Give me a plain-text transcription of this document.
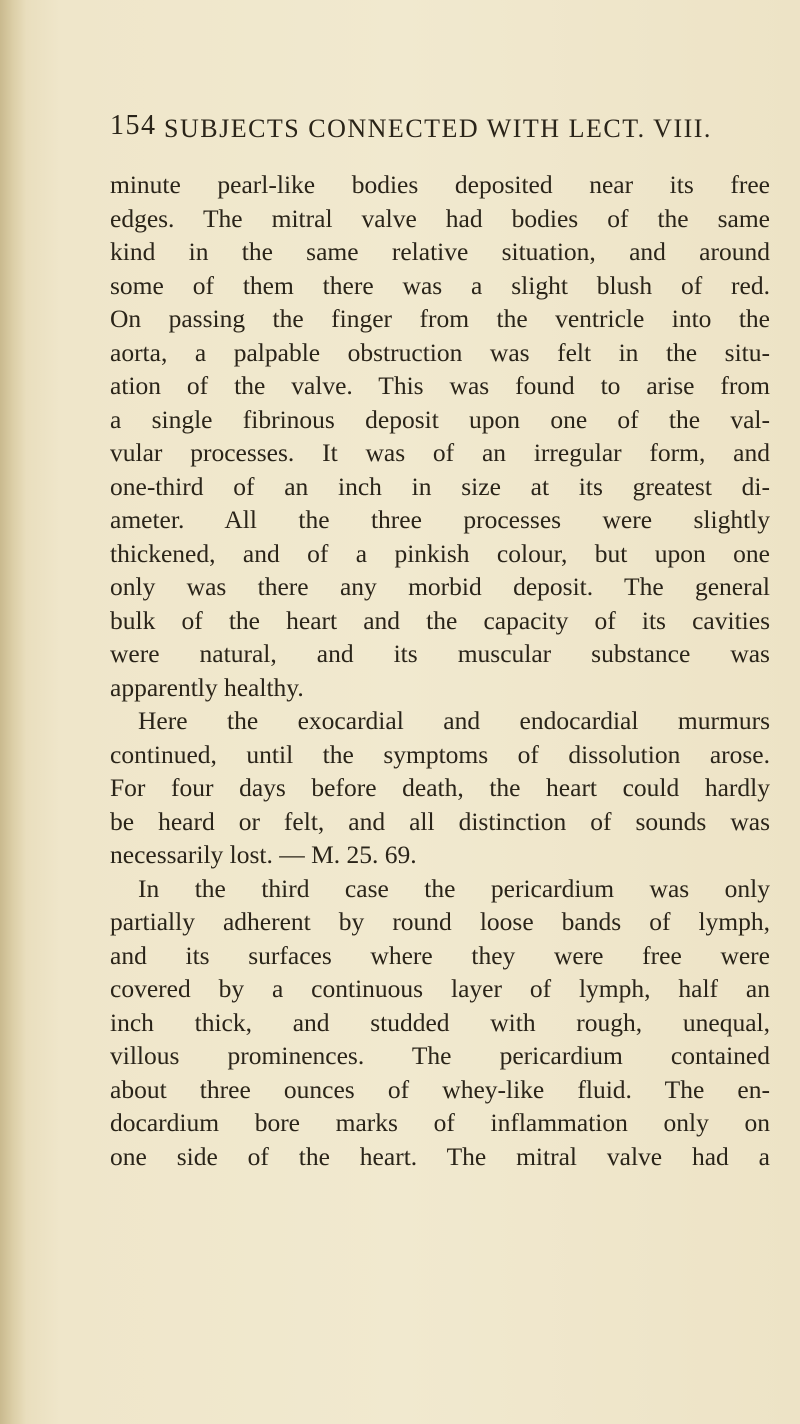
154 SUBJECTS CONNECTED WITH LECT. VIII.
minute pearl-like bodies deposited near its free
edges. The mitral valve had bodies of the same
kind in the same relative situation, and around
some of them there was a slight blush of red.
On passing the finger from the ventricle into the
aorta, a palpable obstruction was felt in the situ-
ation of the valve. This was found to arise from
a single fibrinous deposit upon one of the val-
vular processes. It was of an irregular form, and
one-third of an inch in size at its greatest di-
ameter. All the three processes were slightly
thickened, and of a pinkish colour, but upon one
only was there any morbid deposit. The general
bulk of the heart and the capacity of its cavities
were natural, and its muscular substance was
apparently healthy.
Here the exocardial and endocardial murmurs
continued, until the symptoms of dissolution arose.
For four days before death, the heart could hardly
be heard or felt, and all distinction of sounds was
necessarily lost. — M. 25. 69.
In the third case the pericardium was only
partially adherent by round loose bands of lymph,
and its surfaces where they were free were
covered by a continuous layer of lymph, half an
inch thick, and studded with rough, unequal,
villous prominences. The pericardium contained
about three ounces of whey-like fluid. The en-
docardium bore marks of inflammation only on
one side of the heart. The mitral valve had a
